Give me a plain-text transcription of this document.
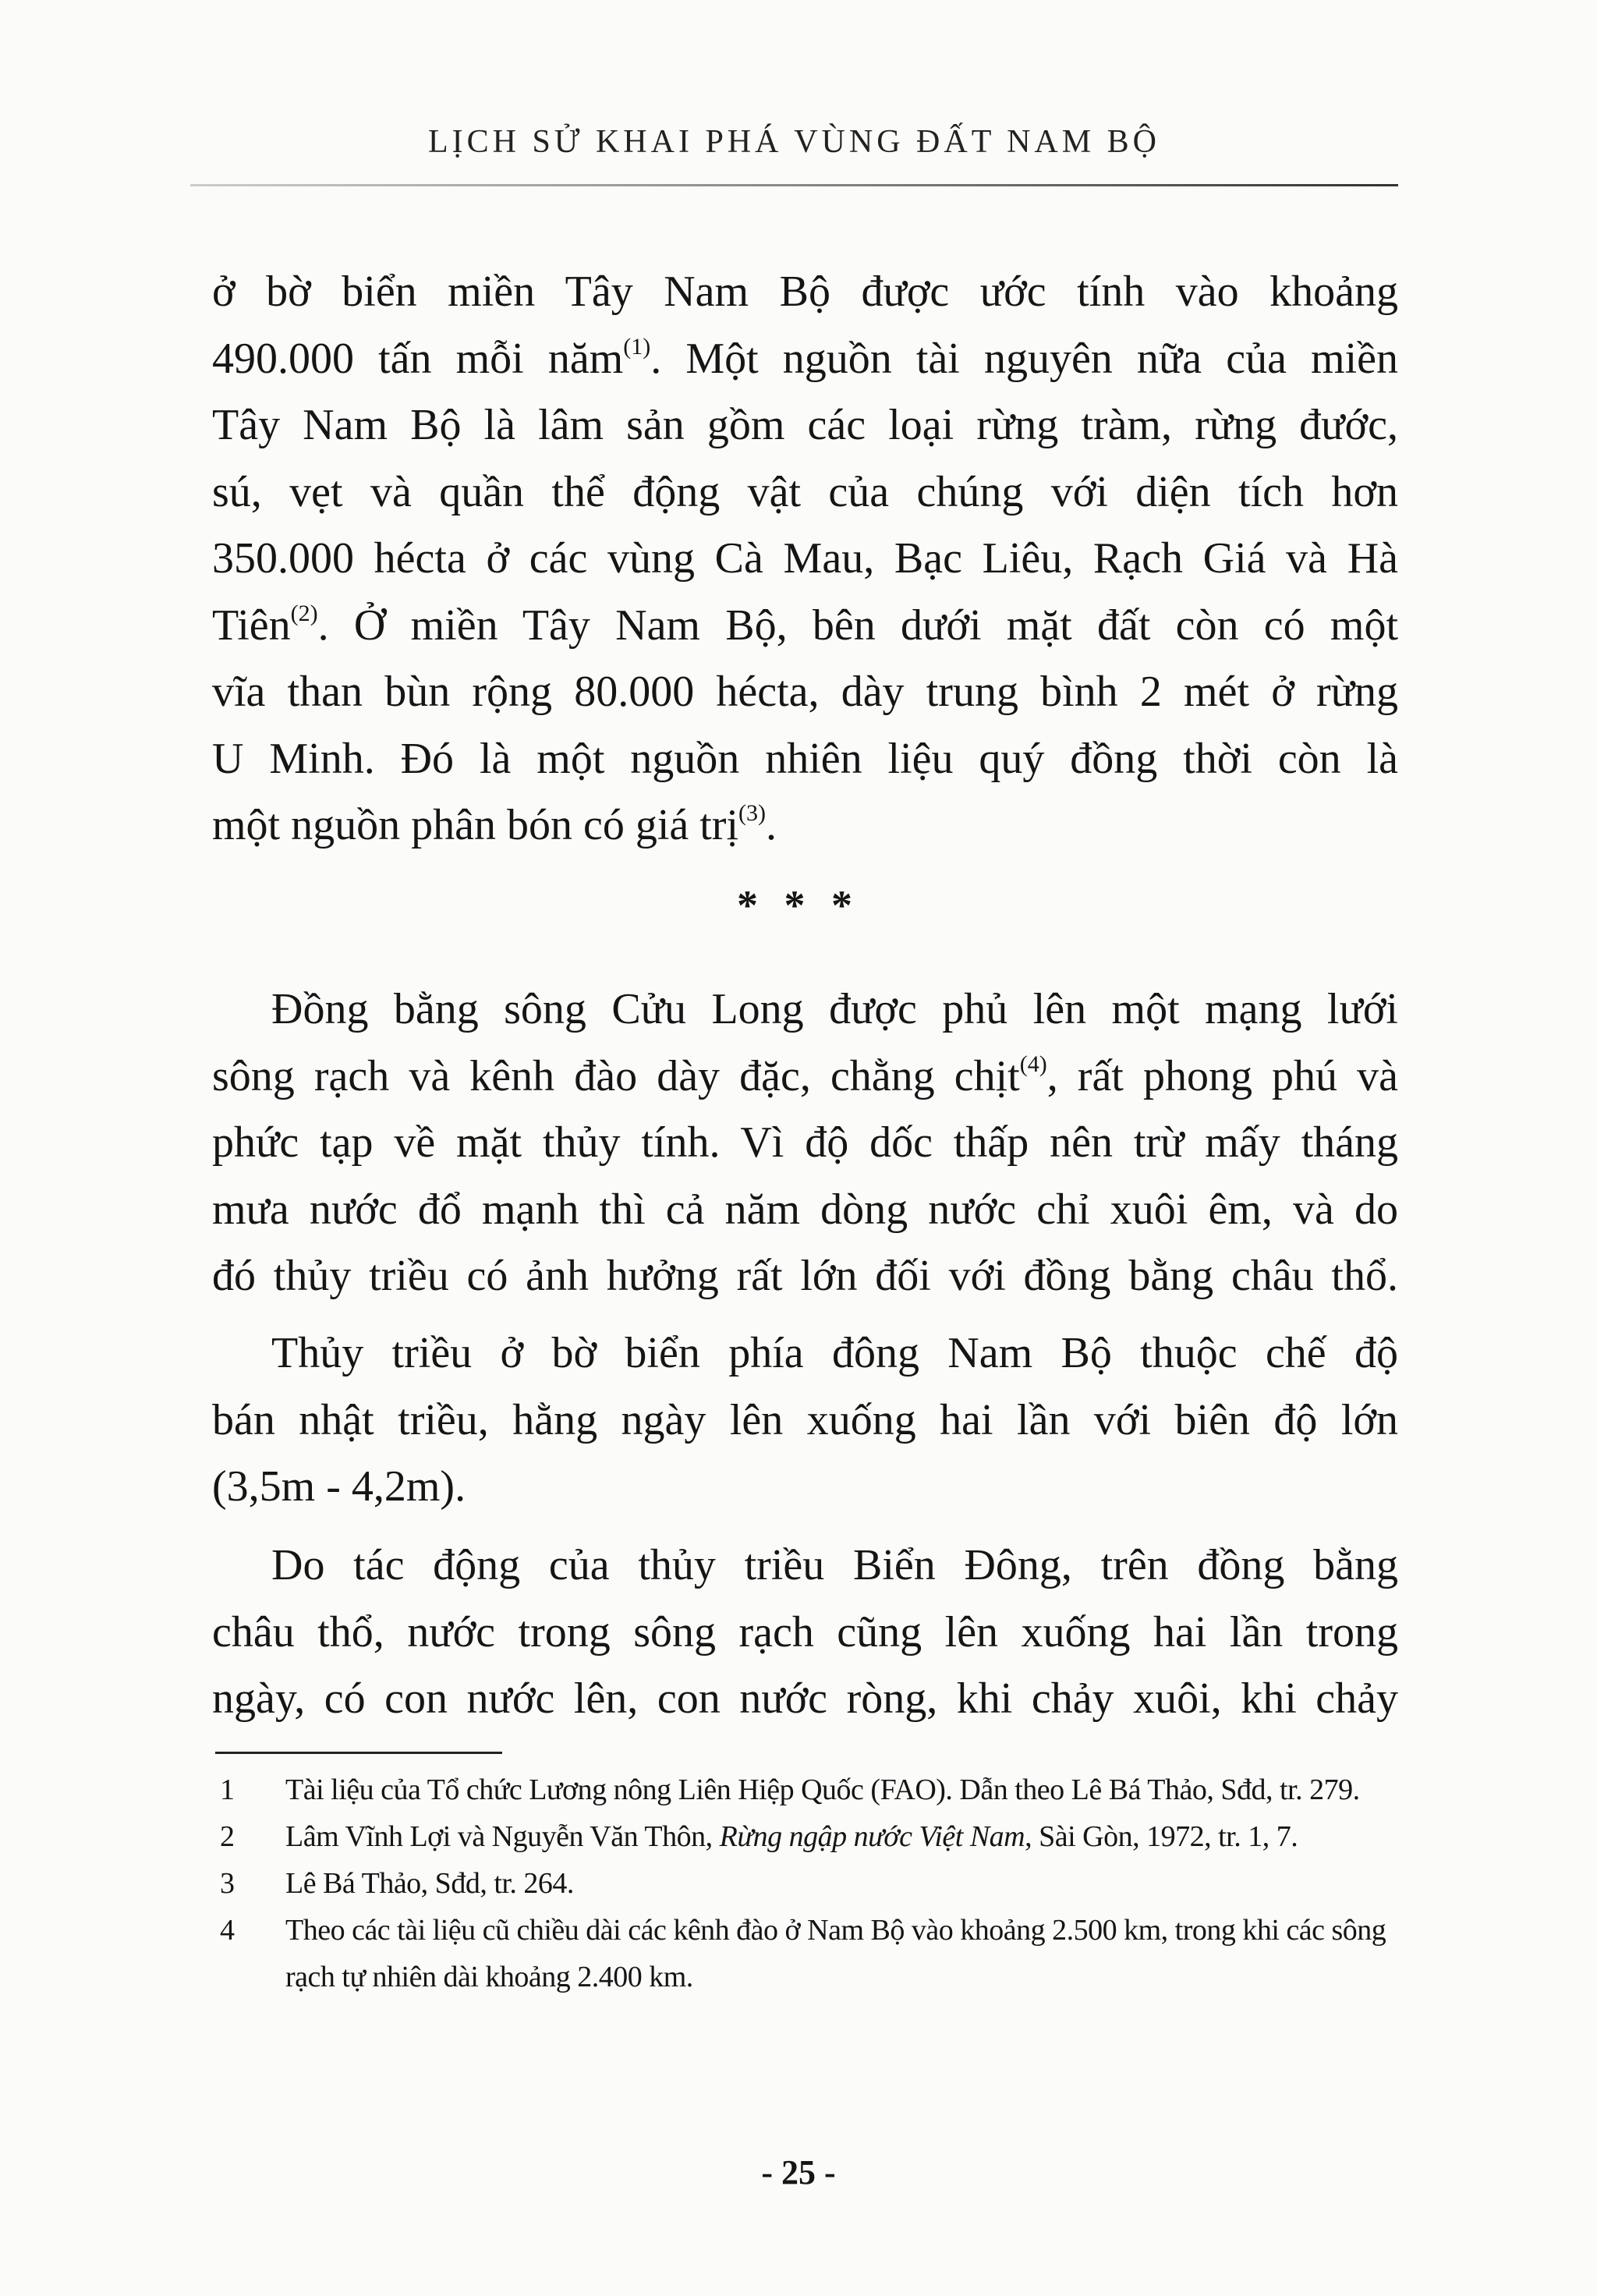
LỊCH SỬ KHAI PHÁ VÙNG ĐẤT NAM BỘ
ở bờ biển miền Tây Nam Bộ được ước tính vào khoảng
490.000 tấn mỗi năm$^{(1)}$. Một nguồn tài nguyên nữa của miền
Tây Nam Bộ là lâm sản gồm các loại rừng tràm, rừng đước,
sú, vẹt và quần thể động vật của chúng với diện tích hơn
350.000 hécta ở các vùng Cà Mau, Bạc Liêu, Rạch Giá và Hà
Tiên$^{(2)}$. Ở miền Tây Nam Bộ, bên dưới mặt đất còn có một
vĩa than bùn rộng 80.000 hécta, dày trung bình 2 mét ở rừng
U Minh. Đó là một nguồn nhiên liệu quý đồng thời còn là
một nguồn phân bón có giá trị$^{(3)}$.
* * *
Đồng bằng sông Cửu Long được phủ lên một mạng lưới
sông rạch và kênh đào dày đặc, chằng chịt$^{(4)}$, rất phong phú và
phức tạp về mặt thủy tính. Vì độ dốc thấp nên trừ mấy tháng
mưa nước đổ mạnh thì cả năm dòng nước chỉ xuôi êm, và do
đó thủy triều có ảnh hưởng rất lớn đối với đồng bằng châu thổ.
Thủy triều ở bờ biển phía đông Nam Bộ thuộc chế độ
bán nhật triều, hằng ngày lên xuống hai lần với biên độ lớn
(3,5m - 4,2m).
Do tác động của thủy triều Biển Đông, trên đồng bằng
châu thổ, nước trong sông rạch cũng lên xuống hai lần trong
ngày, có con nước lên, con nước ròng, khi chảy xuôi, khi chảy
1	Tài liệu của Tổ chức Lương nông Liên Hiệp Quốc (FAO). Dẫn theo Lê Bá Thảo, Sđd, tr. 279.
2	Lâm Vĩnh Lợi và Nguyễn Văn Thôn, Rừng ngập nước Việt Nam, Sài Gòn, 1972, tr. 1, 7.
3	Lê Bá Thảo, Sđd, tr. 264.
4	Theo các tài liệu cũ chiều dài các kênh đào ở Nam Bộ vào khoảng 2.500 km, trong khi các sông rạch tự nhiên dài khoảng 2.400 km.
- 25 -
